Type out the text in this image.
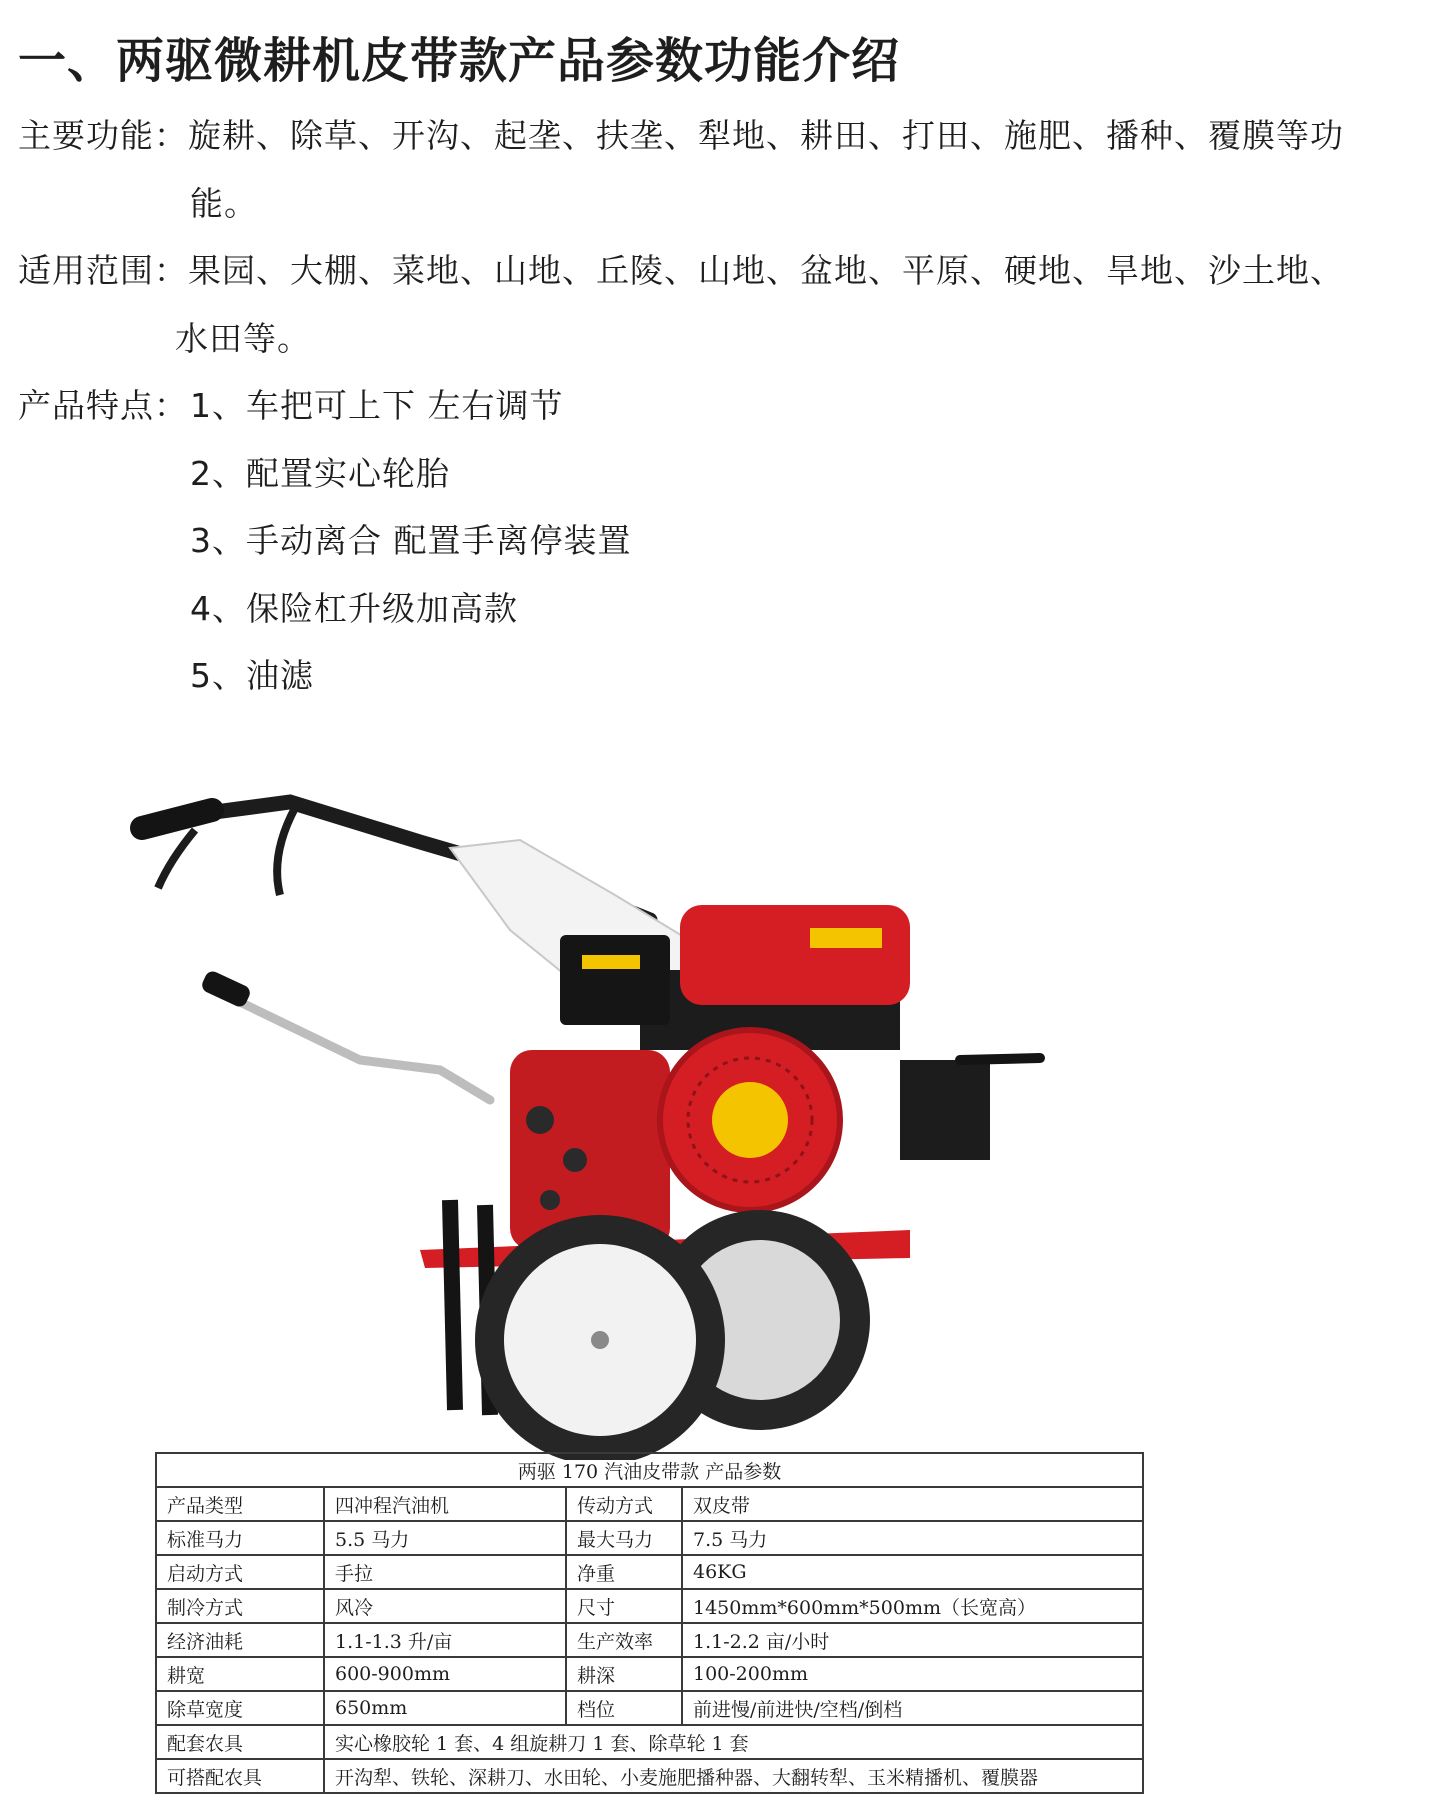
一、两驱微耕机皮带款产品参数功能介绍
主要功能：旋耕、除草、开沟、起垄、扶垄、犁地、耕田、打田、施肥、播种、覆膜等功
能。
适用范围：果园、大棚、菜地、山地、丘陵、山地、盆地、平原、硬地、旱地、沙土地、
水田等。
产品特点： 1、车把可上下 左右调节
2、配置实心轮胎
3、手动离合 配置手离停装置
4、保险杠升级加高款
5、油滤
两驱 170 汽油皮带款 产品参数			
产品类型	四冲程汽油机	传动方式	双皮带
标准马力	5.5 马力	最大马力	7.5 马力
启动方式	手拉	净重	46KG
制冷方式	风冷	尺寸	1450mm*600mm*500mm（长宽高）
经济油耗	1.1-1.3 升/亩	生产效率	1.1-2.2 亩/小时
耕宽	600-900mm	耕深	100-200mm
除草宽度	650mm	档位	前进慢/前进快/空档/倒档
配套农具	实心橡胶轮 1 套、4 组旋耕刀 1 套、除草轮 1 套		
可搭配农具	开沟犁、铁轮、深耕刀、水田轮、小麦施肥播种器、大翻转犁、玉米精播机、覆膜器		
